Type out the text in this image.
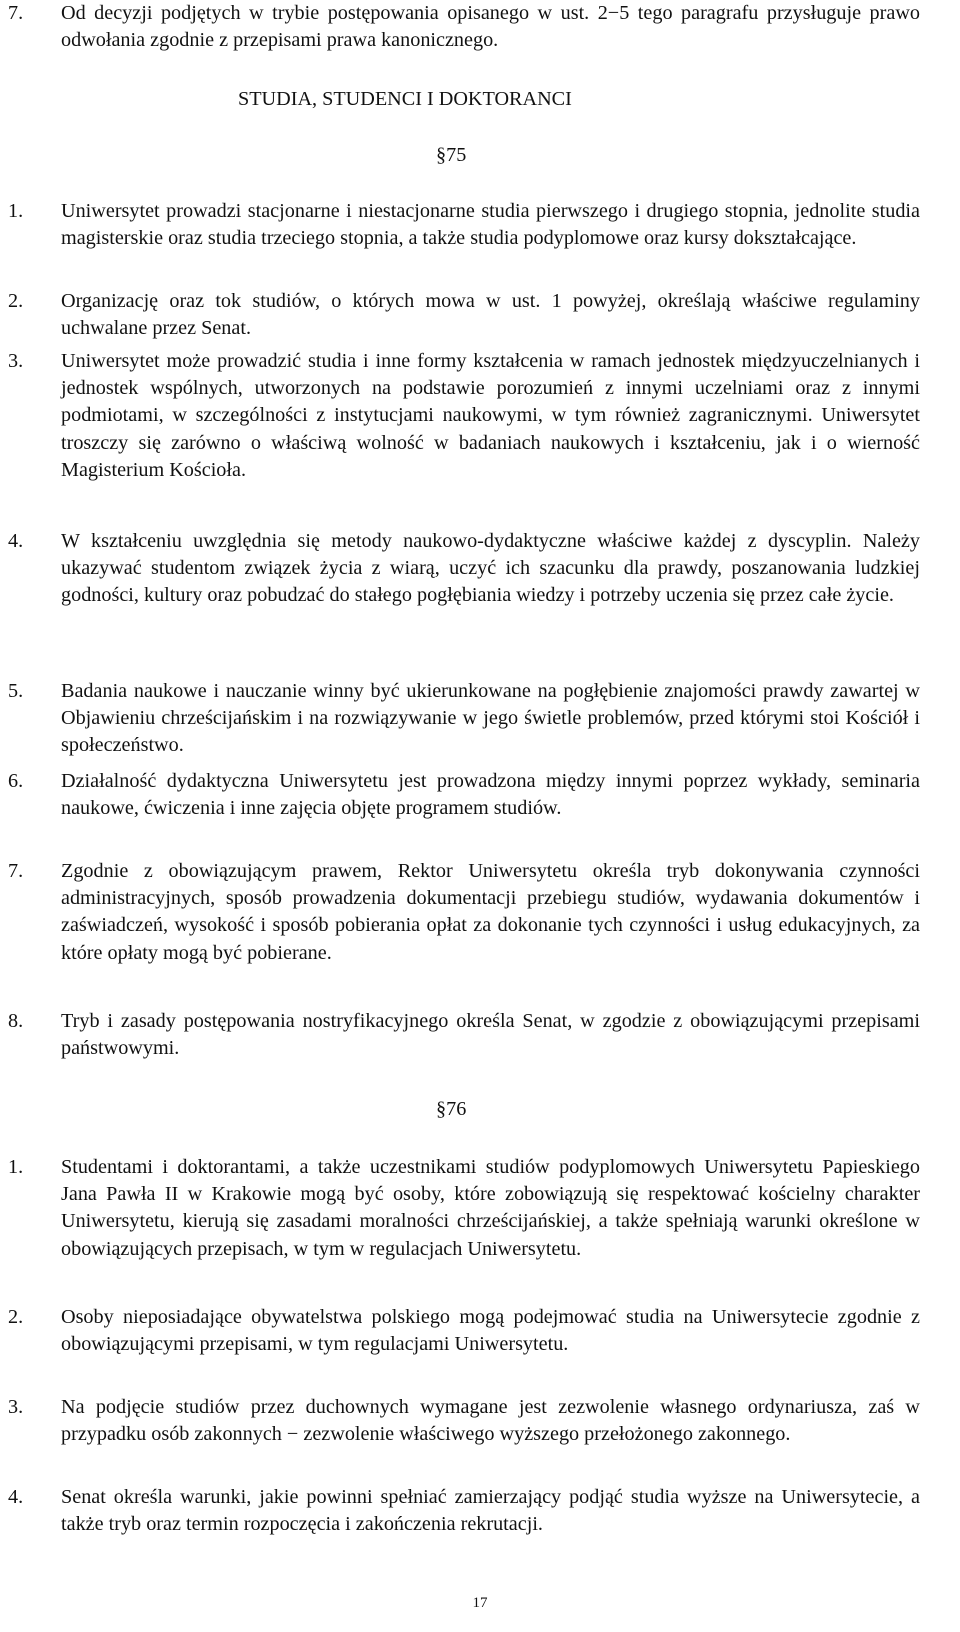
7.	Od decyzji podjętych w trybie postępowania opisanego w ust. 2−5 tego paragrafu przysługuje prawo odwołania zgodnie z przepisami prawa kanonicznego.
STUDIA, STUDENCI I DOKTORANCI
§75
1.	Uniwersytet prowadzi stacjonarne i niestacjonarne studia pierwszego i drugiego stopnia, jednolite studia magisterskie oraz studia trzeciego stopnia, a także studia podyplomowe oraz kursy dokształcające.
2.	Organizację oraz tok studiów, o których mowa w ust. 1 powyżej, określają właściwe regulaminy uchwalane przez Senat.
3.	Uniwersytet może prowadzić studia i inne formy kształcenia w ramach jednostek międzyuczelnianych i jednostek wspólnych, utworzonych na podstawie porozumień z innymi uczelniami oraz z innymi podmiotami, w szczególności z instytucjami naukowymi, w tym również zagranicznymi. Uniwersytet troszczy się zarówno o właściwą wolność w badaniach naukowych i kształceniu, jak i o wierność Magisterium Kościoła.
4.	W kształceniu uwzględnia się metody naukowo-dydaktyczne właściwe każdej z dyscyplin. Należy ukazywać studentom związek życia z wiarą, uczyć ich szacunku dla prawdy, poszanowania ludzkiej godności, kultury oraz pobudzać do stałego pogłębiania wiedzy i potrzeby uczenia się przez całe życie.
5.	Badania naukowe i nauczanie winny być ukierunkowane na pogłębienie znajomości prawdy zawartej w Objawieniu chrześcijańskim i na rozwiązywanie w jego świetle problemów, przed którymi stoi Kościół i społeczeństwo.
6.	Działalność dydaktyczna Uniwersytetu jest prowadzona między innymi poprzez wykłady, seminaria naukowe, ćwiczenia i inne zajęcia objęte programem studiów.
7.	Zgodnie z obowiązującym prawem, Rektor Uniwersytetu określa tryb dokonywania czynności administracyjnych, sposób prowadzenia dokumentacji przebiegu studiów, wydawania dokumentów i zaświadczeń, wysokość i sposób pobierania opłat za dokonanie tych czynności i usług edukacyjnych, za które opłaty mogą być pobierane.
8.	Tryb i zasady postępowania nostryfikacyjnego określa Senat, w zgodzie z obowiązującymi przepisami państwowymi.
§76
1.	Studentami i doktorantami, a także uczestnikami studiów podyplomowych Uniwersytetu Papieskiego Jana Pawła II w Krakowie mogą być osoby, które zobowiązują się respektować kościelny charakter Uniwersytetu, kierują się zasadami moralności chrześcijańskiej, a także spełniają warunki określone w obowiązujących przepisach, w tym w regulacjach Uniwersytetu.
2.	Osoby nieposiadające obywatelstwa polskiego mogą podejmować studia na Uniwersytecie zgodnie z obowiązującymi przepisami, w tym regulacjami Uniwersytetu.
3.	Na podjęcie studiów przez duchownych wymagane jest zezwolenie własnego ordynariusza, zaś w przypadku osób zakonnych − zezwolenie właściwego wyższego przełożonego zakonnego.
4.	Senat określa warunki, jakie powinni spełniać zamierzający podjąć studia wyższe na Uniwersytecie, a także tryb oraz termin rozpoczęcia i zakończenia rekrutacji.
17
